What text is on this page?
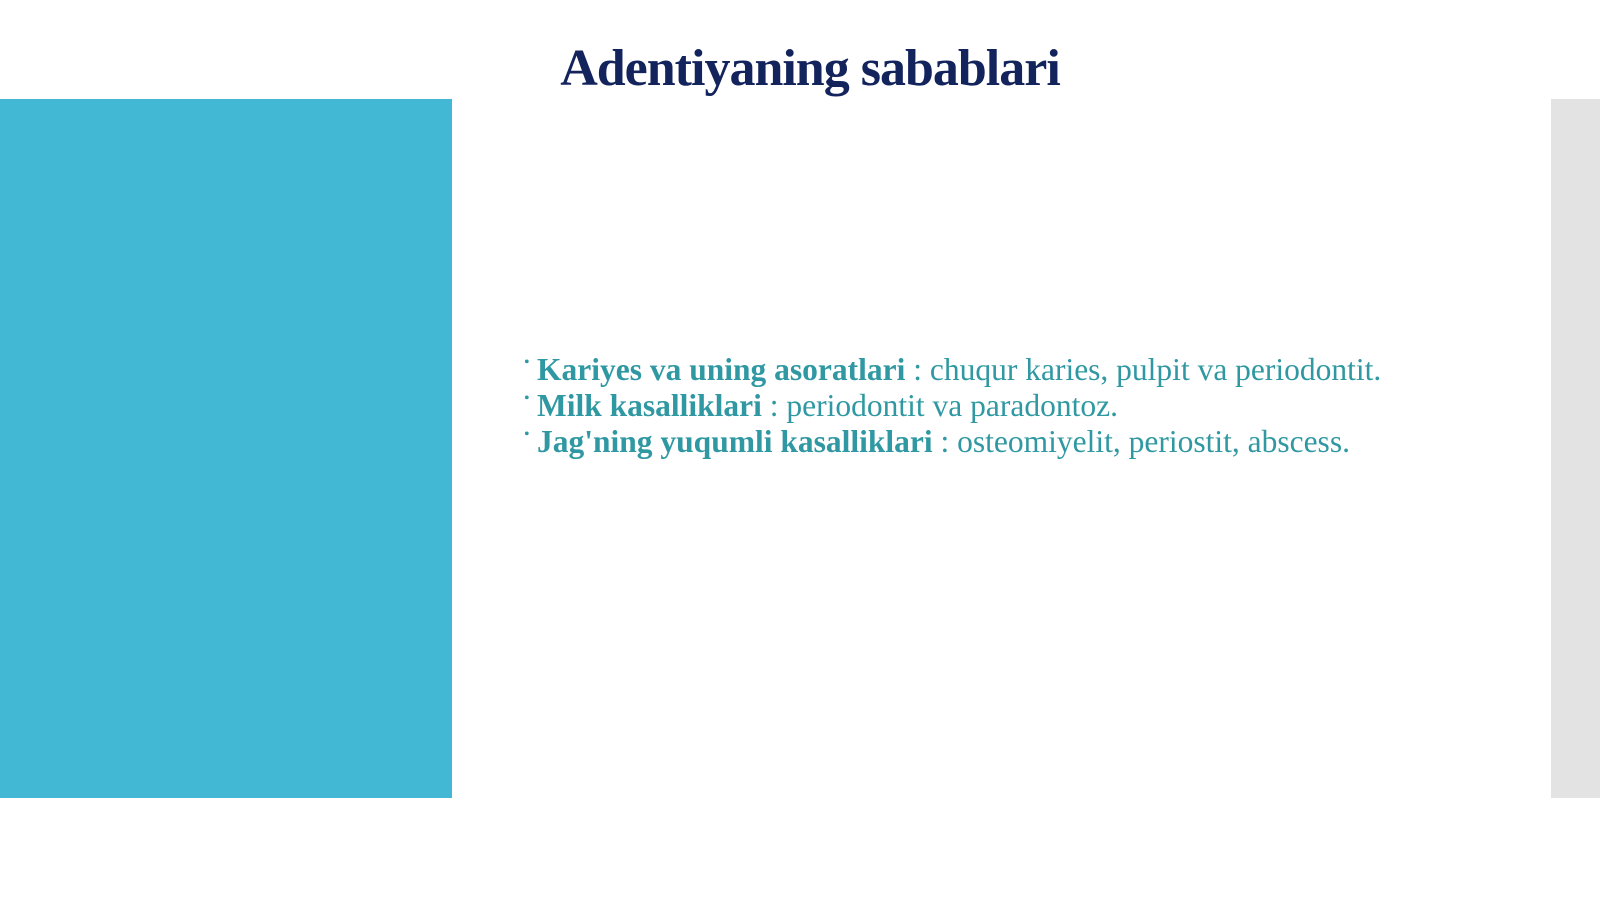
Adentiyaning sabablari
• Kariyes va uning asoratlari : chuqur karies, pulpit va periodontit.
• Milk kasalliklari : periodontit va paradontoz.
• Jag'ning yuqumli kasalliklari : osteomiyelit, periostit, abscess.
